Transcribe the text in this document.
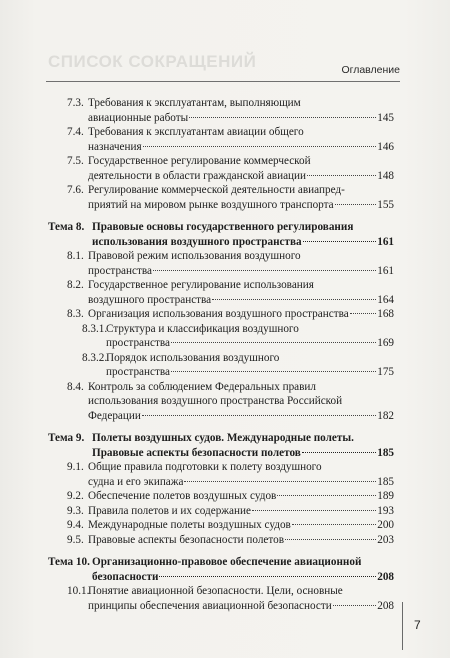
СПИСОК СОКРАЩЕНИЙ	Оглавление
7.3. Требования к эксплуатантам, выполняющим
авиационные работы	145
7.4. Требования к эксплуатантам авиации общего
назначения	146
7.5. Государственное регулирование коммерческой
деятельности в области гражданской авиации	148
7.6. Регулирование коммерческой деятельности авиапред-
приятий на мировом рынке воздушного транспорта	155
Тема 8. Правовые основы государственного регулирования
использования воздушного пространства	161
8.1. Правовой режим использования воздушного
пространства	161
8.2. Государственное регулирование использования
воздушного пространства	164
8.3. Организация использования воздушного пространства	168
8.3.1.
Структура и классификация воздушного
пространства	169
8.3.2.
Порядок использования воздушного
пространства	175
8.4. Контроль за соблюдением Федеральных правил
использования воздушного пространства Российской
Федерации	182
Тема 9. Полеты воздушных судов. Международные полеты.
Правовые аспекты безопасности полетов	185
9.1. Общие правила подготовки к полету воздушного
судна и его экипажа	185
9.2. Обеспечение полетов воздушных судов	189
9.3. Правила полетов и их содержание	193
9.4. Международные полеты воздушных судов	200
9.5. Правовые аспекты безопасности полетов	203
Тема 10. Организационно-правовое обеспечение авиационной
безопасности	208
10.1.
Понятие авиационной безопасности. Цели, основные
принципы обеспечения авиационной безопасности	208
7
